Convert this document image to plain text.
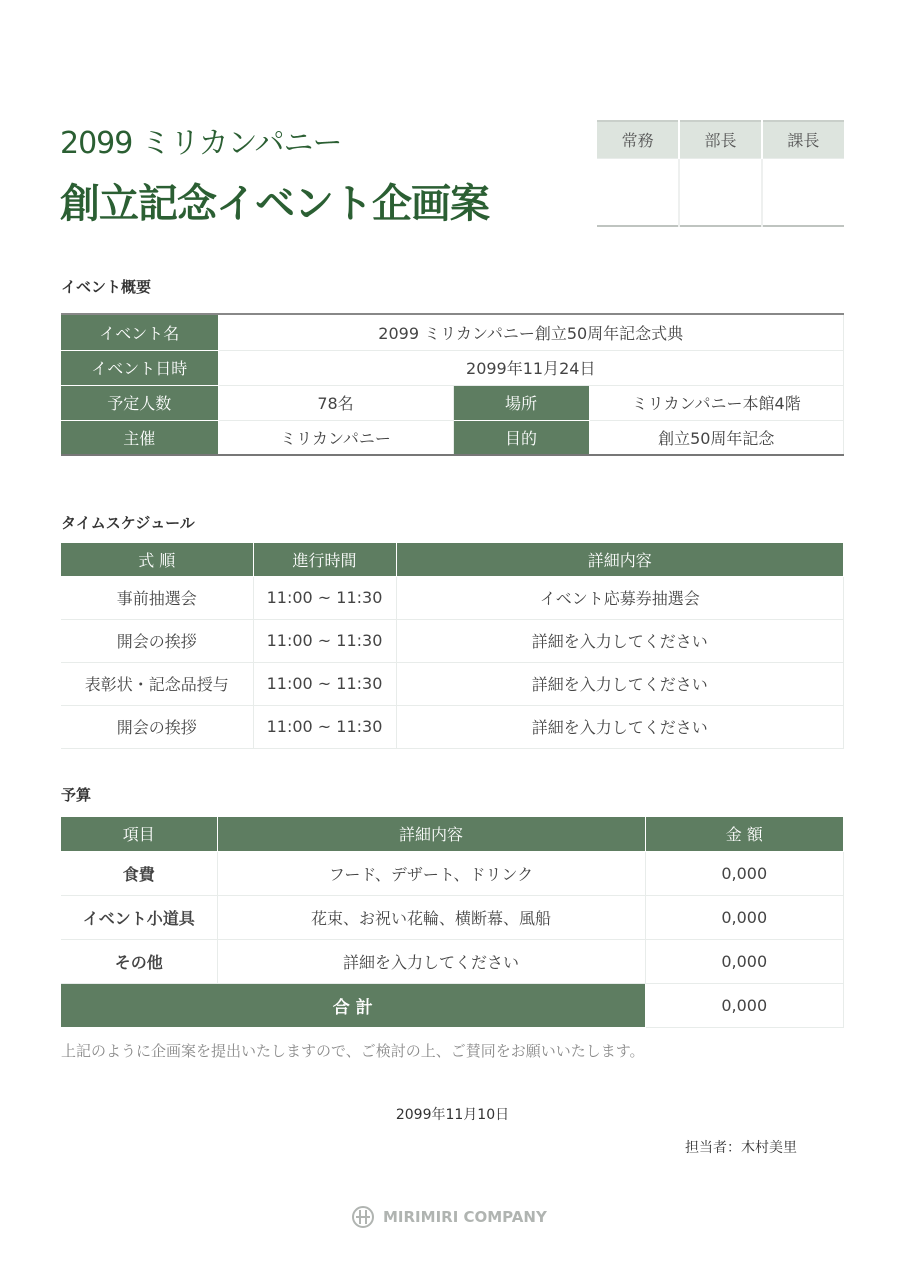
2099 ミリカンパニー
創立記念イベント企画案
常務	部長	課長

イベント概要
イベント名	2099 ミリカンパニー創立50周年記念式典		
イベント日時	2099年11月24日		
予定人数	78名	場所	ミリカンパニー本館4階
主催	ミリカンパニー	目的	創立50周年記念
タイムスケジュール
式 順	進行時間	詳細内容
事前抽選会	11:00 ~ 11:30	イベント応募券抽選会
開会の挨拶	11:00 ~ 11:30	詳細を入力してください
表彰状・記念品授与	11:00 ~ 11:30	詳細を入力してください
開会の挨拶	11:00 ~ 11:30	詳細を入力してください
予算
項目	詳細内容	金 額
食費	フード、デザート、ドリンク	0,000
イベント小道具	花束、お祝い花輪、横断幕、風船	0,000
その他	詳細を入力してください	0,000
合 計		0,000
上記のように企画案を提出いたしますので、ご検討の上、ご賛同をお願いいたします。
2099年11月10日
担当者：木村美里
MIRIMIRI COMPANY
